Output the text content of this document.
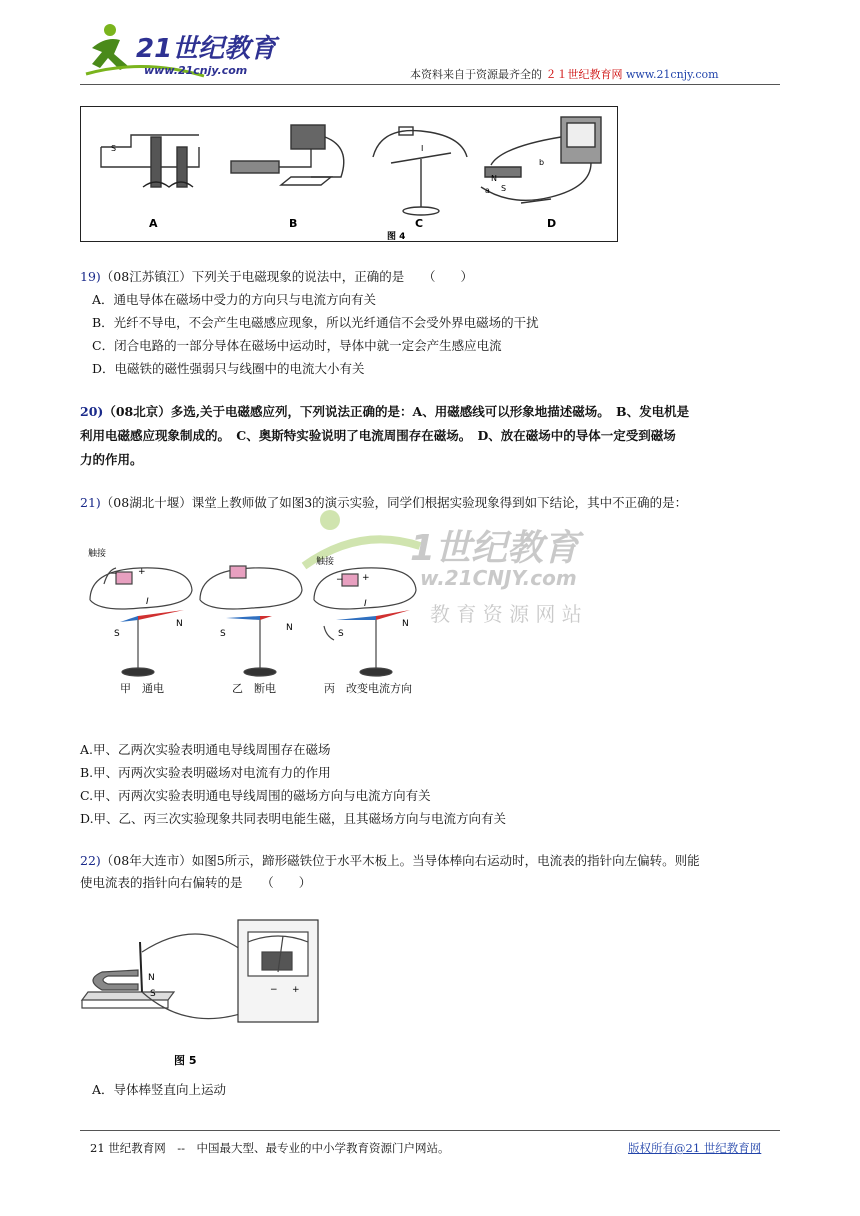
21世纪教育
www.21cnjy.com	本资料来自于资源最齐全的 ２１世纪教育网 www.21cnjy.com
S
N
S
b
a
I
A	B	C	D
图 4
19)（08江苏镇江）下列关于电磁现象的说法中，正确的是　　（　　）
A．通电导体在磁场中受力的方向只与电流方向有关
B．光纤不导电，不会产生电磁感应现象，所以光纤通信不会受外界电磁场的干扰
C．闭合电路的一部分导体在磁场中运动时，导体中就一定会产生感应电流
D．电磁铁的磁性强弱只与线圈中的电流大小有关
20)（08北京）多选,关于电磁感应列，下列说法正确的是：A、用磁感线可以形象地描述磁场。　B、发电机是
利用电磁感应现象制成的。　C、奥斯特实验说明了电流周围存在磁场。　D、放在磁场中的导体一定受到磁场
力的作用。
21)（08湖北十堰）课堂上教师做了如图3的演示实验，同学们根据实验现象得到如下结论，其中不正确的是：
1世纪教育
w.21CNJY.com
教 育 资 源 网 站
触接
触接
− +
− +
I	I
S
N
S
N
S
N
甲　通电	乙　断电	丙　改变电流方向
A.甲、乙两次实验表明通电导线周围存在磁场
B.甲、丙两次实验表明磁场对电流有力的作用
C.甲、丙两次实验表明通电导线周围的磁场方向与电流方向有关
D.甲、乙、丙三次实验现象共同表明电能生磁，且其磁场方向与电流方向有关
22)（08年大连市）如图5所示，蹄形磁铁位于水平木板上。当导体棒向右运动时，电流表的指针向左偏转。则能
使电流表的指针向右偏转的是　　（　　）
N
S	− +
图 5
A．导体棒竖直向上运动
21 世纪教育网　--　中国最大型、最专业的中小学教育资源门户网站。	版权所有@21 世纪教育网
